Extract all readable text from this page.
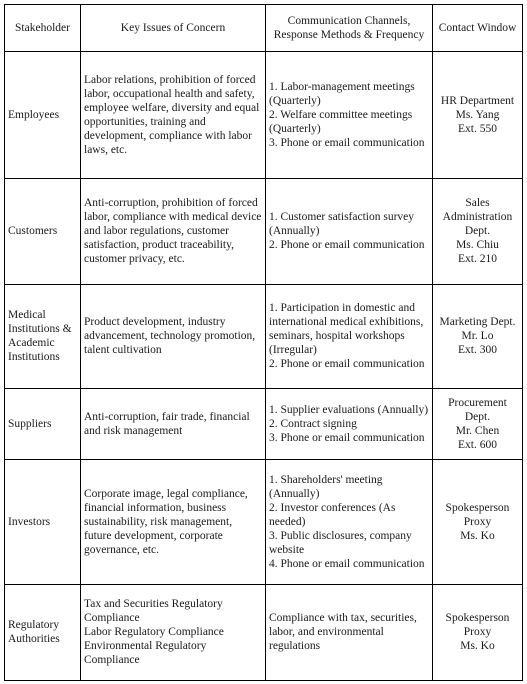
Stakeholder	Key Issues of Concern	Communication Channels,
Response Methods & Frequency	Contact Window
Employees	Labor relations, prohibition of forced labor, occupational health and safety, employee welfare, diversity and equal opportunities, training and development, compliance with labor laws, etc.	1. Labor-management meetings (Quarterly)
2. Welfare committee meetings (Quarterly)
3. Phone or email communication	HR Department
Ms. Yang
Ext. 550

Customers	Anti-corruption, prohibition of forced labor, compliance with medical device and labor regulations, customer satisfaction, product traceability, customer privacy, etc.	1. Customer satisfaction survey (Annually)
2. Phone or email communication	Sales
Administration
Dept.
Ms. Chiu
Ext. 210

Medical Institutions & Academic Institutions	Product development, industry advancement, technology promotion, talent cultivation	1. Participation in domestic and international medical exhibitions, seminars, hospital workshops (Irregular)
2. Phone or email communication	Marketing Dept.
Mr. Lo
Ext. 300

Suppliers	Anti-corruption, fair trade, financial and risk management	1. Supplier evaluations (Annually)
2. Contract signing
3. Phone or email communication	Procurement
Dept.
Mr. Chen
Ext. 600

Investors	Corporate image, legal compliance, financial information, business sustainability, risk management, future development, corporate governance, etc.	1. Shareholders' meeting (Annually)
2. Investor conferences (As needed)
3. Public disclosures, company website
4. Phone or email communication	Spokesperson
Proxy
Ms. Ko

Regulatory Authorities	Tax and Securities Regulatory Compliance
Labor Regulatory Compliance
Environmental Regulatory Compliance	Compliance with tax, securities, labor, and environmental regulations	Spokesperson
Proxy
Ms. Ko
